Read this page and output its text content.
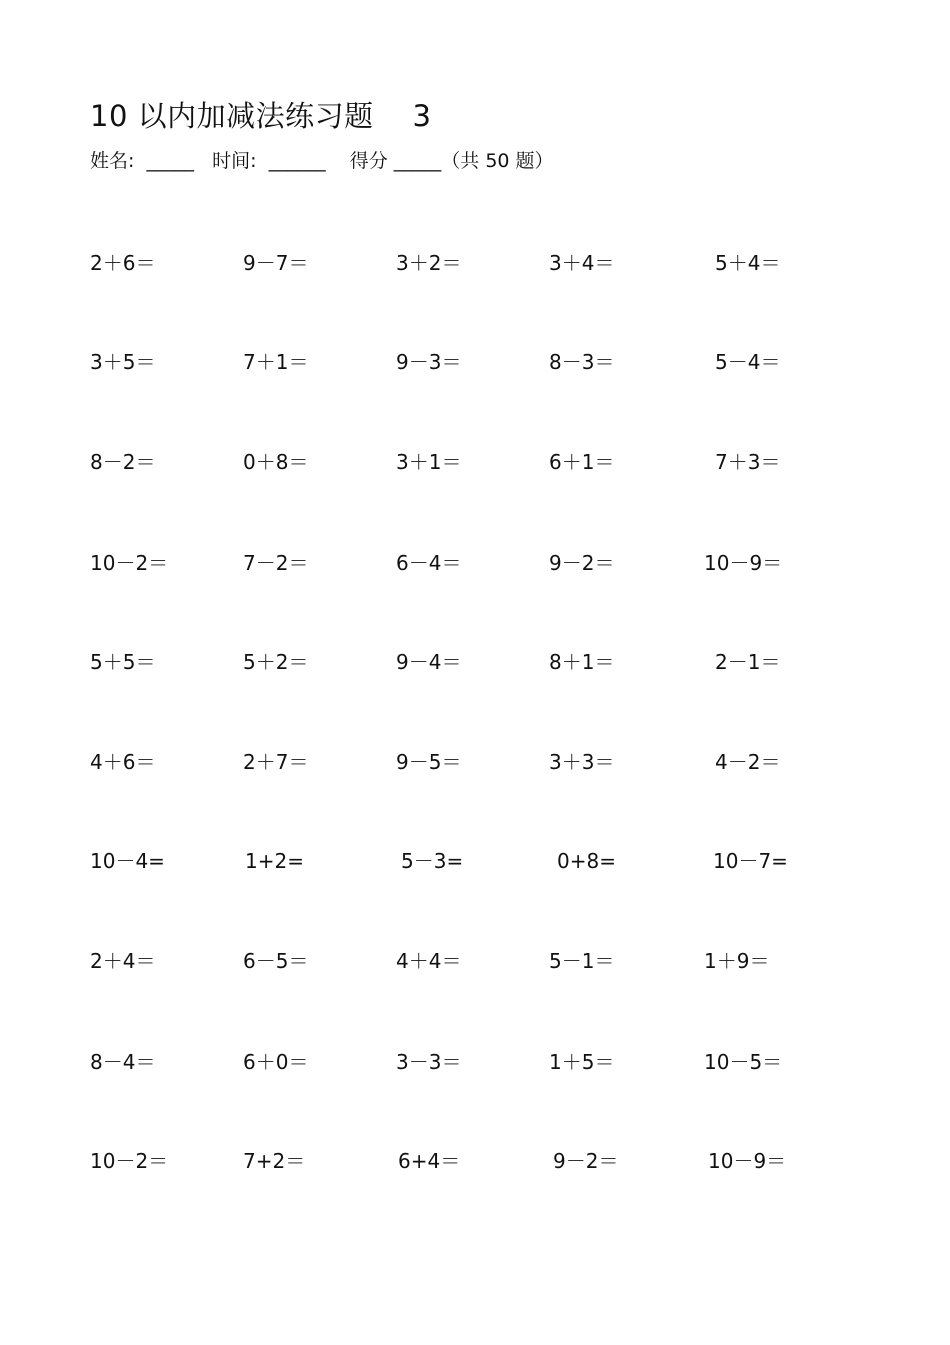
10 以内加减法练习题    3
姓名:  _____   时间:  ______    得分 _____（共 50 题）
2＋6＝	9－7＝	3＋2＝	3＋4＝	5＋4＝
3＋5＝	7＋1＝	9－3＝	8－3＝	5－4＝
8－2＝	0＋8＝	3＋1＝	6＋1＝	7＋3＝
10－2＝	7－2＝	6－4＝	9－2＝	10－9＝
5＋5＝	5＋2＝	9－4＝	8＋1＝	2－1＝
4＋6＝	2＋7＝	9－5＝	3＋3＝	4－2＝
10－4=	1+2=	5－3=	0+8=	10－7=
2＋4＝	6－5＝	4＋4＝	5－1＝	1＋9＝
8－4＝	6＋0＝	3－3＝	1＋5＝	10－5＝
10－2＝	7+2＝	6+4＝	9－2＝	10－9＝
